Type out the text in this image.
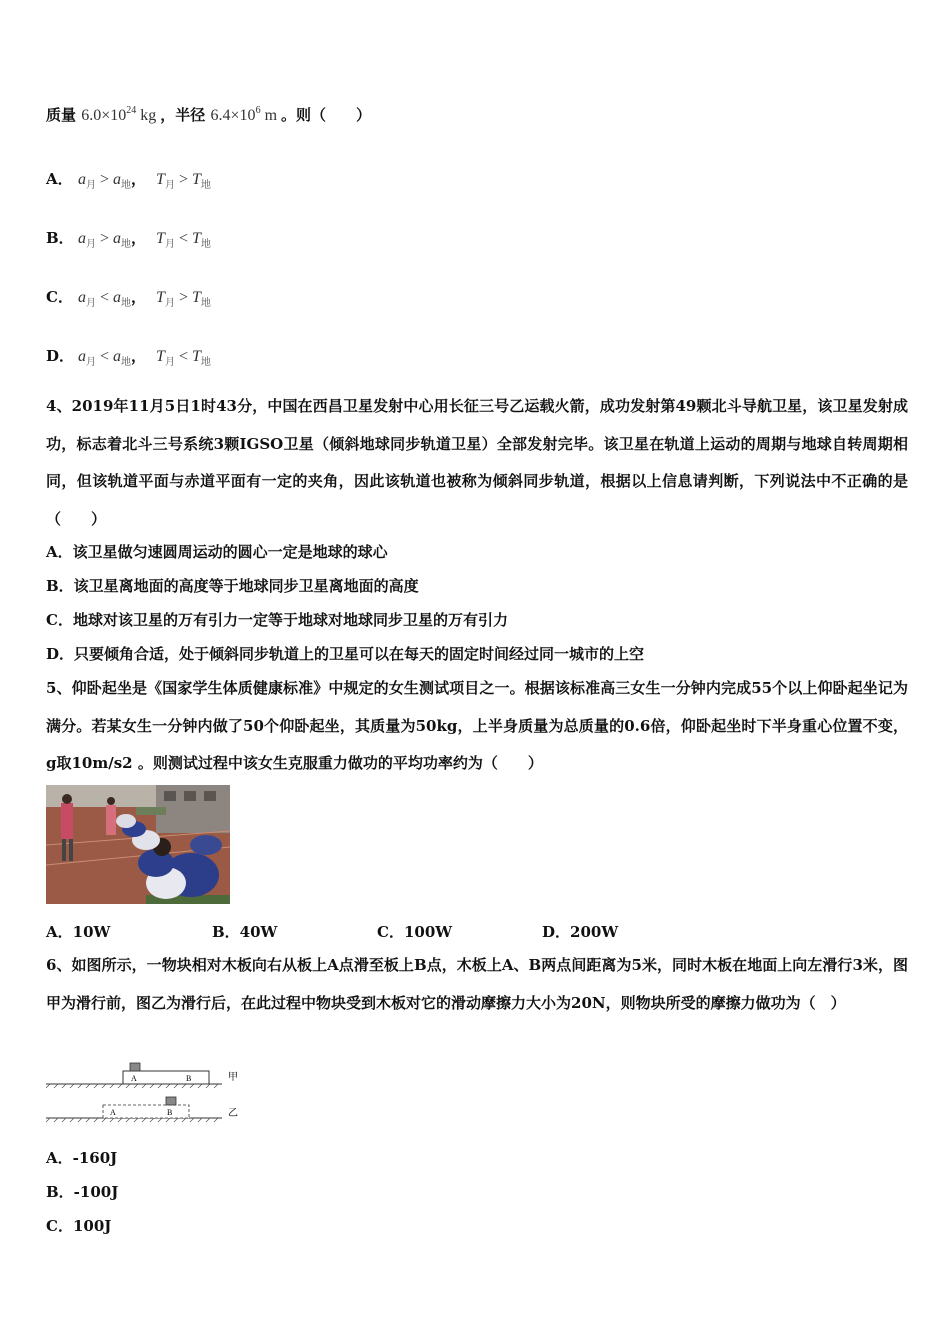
质量 $6.0\times 10^{24}$ kg ，半径 $6.4\times 10^6$ m 。则（　　）
A． $a_月 > a_地$， $T_月 > T_地$
B． $a_月 > a_地$， $T_月 < T_地$
C． $a_月 < a_地$， $T_月 > T_地$
D． $a_月 < a_地$， $T_月 < T_地$
4、2019年11月5日1时43分，中国在西昌卫星发射中心用长征三号乙运载火箭，成功发射第49颗北斗导航卫星，该卫星发射成功，标志着北斗三号系统3颗IGSO卫星（倾斜地球同步轨道卫星）全部发射完毕。该卫星在轨道上运动的周期与地球自转周期相同，但该轨道平面与赤道平面有一定的夹角，因此该轨道也被称为倾斜同步轨道，根据以上信息请判断，下列说法中不正确的是（　　）
A．该卫星做匀速圆周运动的圆心一定是地球的球心
B．该卫星离地面的高度等于地球同步卫星离地面的高度
C．地球对该卫星的万有引力一定等于地球对地球同步卫星的万有引力
D．只要倾角合适，处于倾斜同步轨道上的卫星可以在每天的固定时间经过同一城市的上空
5、仰卧起坐是《国家学生体质健康标准》中规定的女生测试项目之一。根据该标准高三女生一分钟内完成55个以上仰卧起坐记为满分。若某女生一分钟内做了50个仰卧起坐，其质量为50kg，上半身质量为总质量的0.6倍，仰卧起坐时下半身重心位置不变，g取10m/s2 。则测试过程中该女生克服重力做功的平均功率约为（　　）
A．10W	B．40W	C．100W	D．200W
6、如图所示，一物块相对木板向右从板上A点滑至板上B点，木板上A、B两点间距离为5米，同时木板在地面上向左滑行3米，图甲为滑行前，图乙为滑行后，在此过程中物块受到木板对它的滑动摩擦力大小为20N，则物块所受的摩擦力做功为（　）
A	B	甲
A	B	乙
A．-160J
B．-100J
C．100J
